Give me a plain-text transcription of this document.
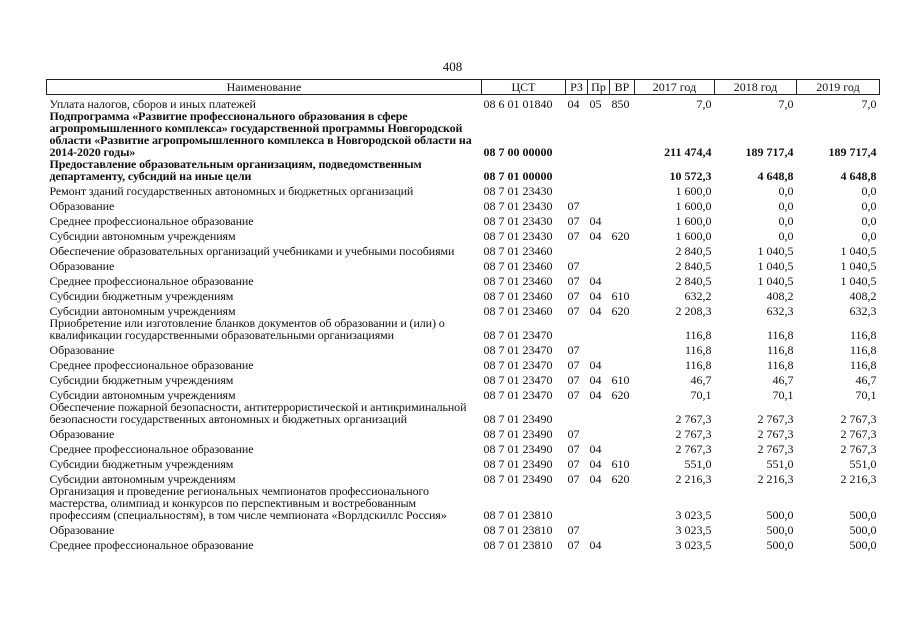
408
Наименование	ЦСТ	РЗ	Пр	ВР	2017 год	2018 год	2019 год
Уплата налогов, сборов и иных платежей	08 6 01 01840	04	05	850	7,0	7,0	7,0
Подпрограмма «Развитие профессионального образования в сфере агропромышленного комплекса» государственной программы Новгородской области «Развитие агропромышленного комплекса в Новгородской области на 2014-2020 годы»	08 7 00 00000				211 474,4	189 717,4	189 717,4
Предоставление образовательным организациям, подведомственным департаменту, субсидий на иные цели	08 7 01 00000				10 572,3	4 648,8	4 648,8
Ремонт зданий государственных автономных и бюджетных организаций	08 7 01 23430				1 600,0	0,0	0,0
Образование	08 7 01 23430	07			1 600,0	0,0	0,0
Среднее профессиональное образование	08 7 01 23430	07	04		1 600,0	0,0	0,0
Субсидии автономным учреждениям	08 7 01 23430	07	04	620	1 600,0	0,0	0,0
Обеспечение образовательных организаций учебниками и учебными пособиями	08 7 01 23460				2 840,5	1 040,5	1 040,5
Образование	08 7 01 23460	07			2 840,5	1 040,5	1 040,5
Среднее профессиональное образование	08 7 01 23460	07	04		2 840,5	1 040,5	1 040,5
Субсидии бюджетным учреждениям	08 7 01 23460	07	04	610	632,2	408,2	408,2
Субсидии автономным учреждениям	08 7 01 23460	07	04	620	2 208,3	632,3	632,3
Приобретение или изготовление бланков документов об образовании и (или) о квалификации государственными образовательными организациями	08 7 01 23470				116,8	116,8	116,8
Образование	08 7 01 23470	07			116,8	116,8	116,8
Среднее профессиональное образование	08 7 01 23470	07	04		116,8	116,8	116,8
Субсидии бюджетным учреждениям	08 7 01 23470	07	04	610	46,7	46,7	46,7
Субсидии автономным учреждениям	08 7 01 23470	07	04	620	70,1	70,1	70,1
Обеспечение пожарной безопасности, антитеррористической и антикриминальной безопасности государственных автономных и бюджетных организаций	08 7 01 23490				2 767,3	2 767,3	2 767,3
Образование	08 7 01 23490	07			2 767,3	2 767,3	2 767,3
Среднее профессиональное образование	08 7 01 23490	07	04		2 767,3	2 767,3	2 767,3
Субсидии бюджетным учреждениям	08 7 01 23490	07	04	610	551,0	551,0	551,0
Субсидии автономным учреждениям	08 7 01 23490	07	04	620	2 216,3	2 216,3	2 216,3
Организация и проведение региональных чемпионатов профессионального мастерства, олимпиад и конкурсов по перспективным и востребованным профессиям (специальностям), в том числе чемпионата «Ворлдскиллс Россия»	08 7 01 23810				3 023,5	500,0	500,0
Образование	08 7 01 23810	07			3 023,5	500,0	500,0
Среднее профессиональное образование	08 7 01 23810	07	04		3 023,5	500,0	500,0
